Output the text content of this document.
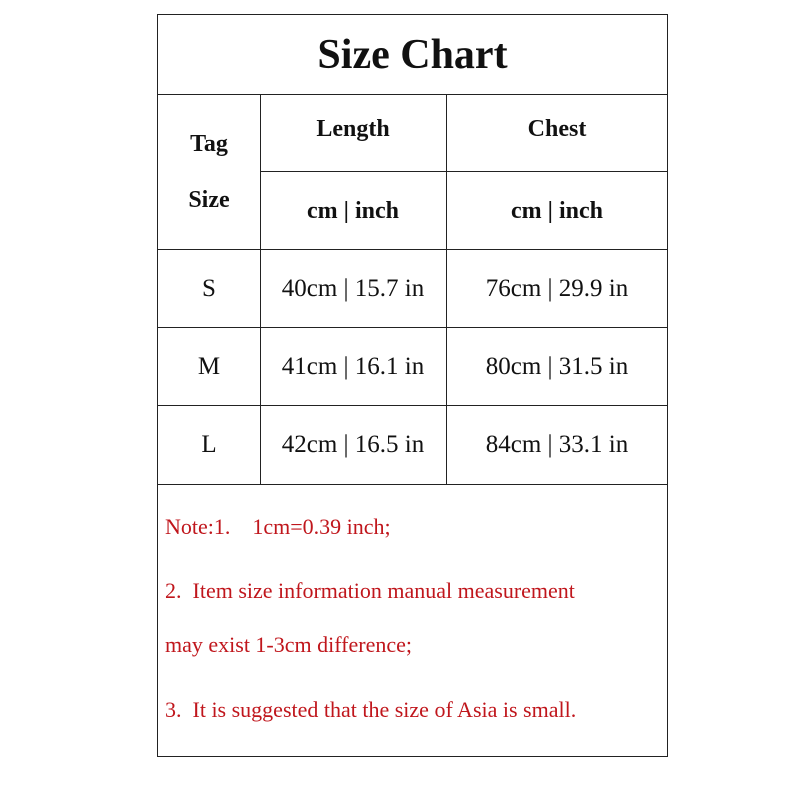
Size Chart
Tag
Size
Length	Chest
cm | inch	cm | inch
S	40cm | 15.7 in	76cm | 29.9 in
M	41cm | 16.1 in	80cm | 31.5 in
L	42cm | 16.5 in	84cm | 33.1 in
Note:1.    1cm=0.39 inch;
2.  Item size information manual measurement
may exist 1-3cm difference;
3.  It is suggested that the size of Asia is small.
